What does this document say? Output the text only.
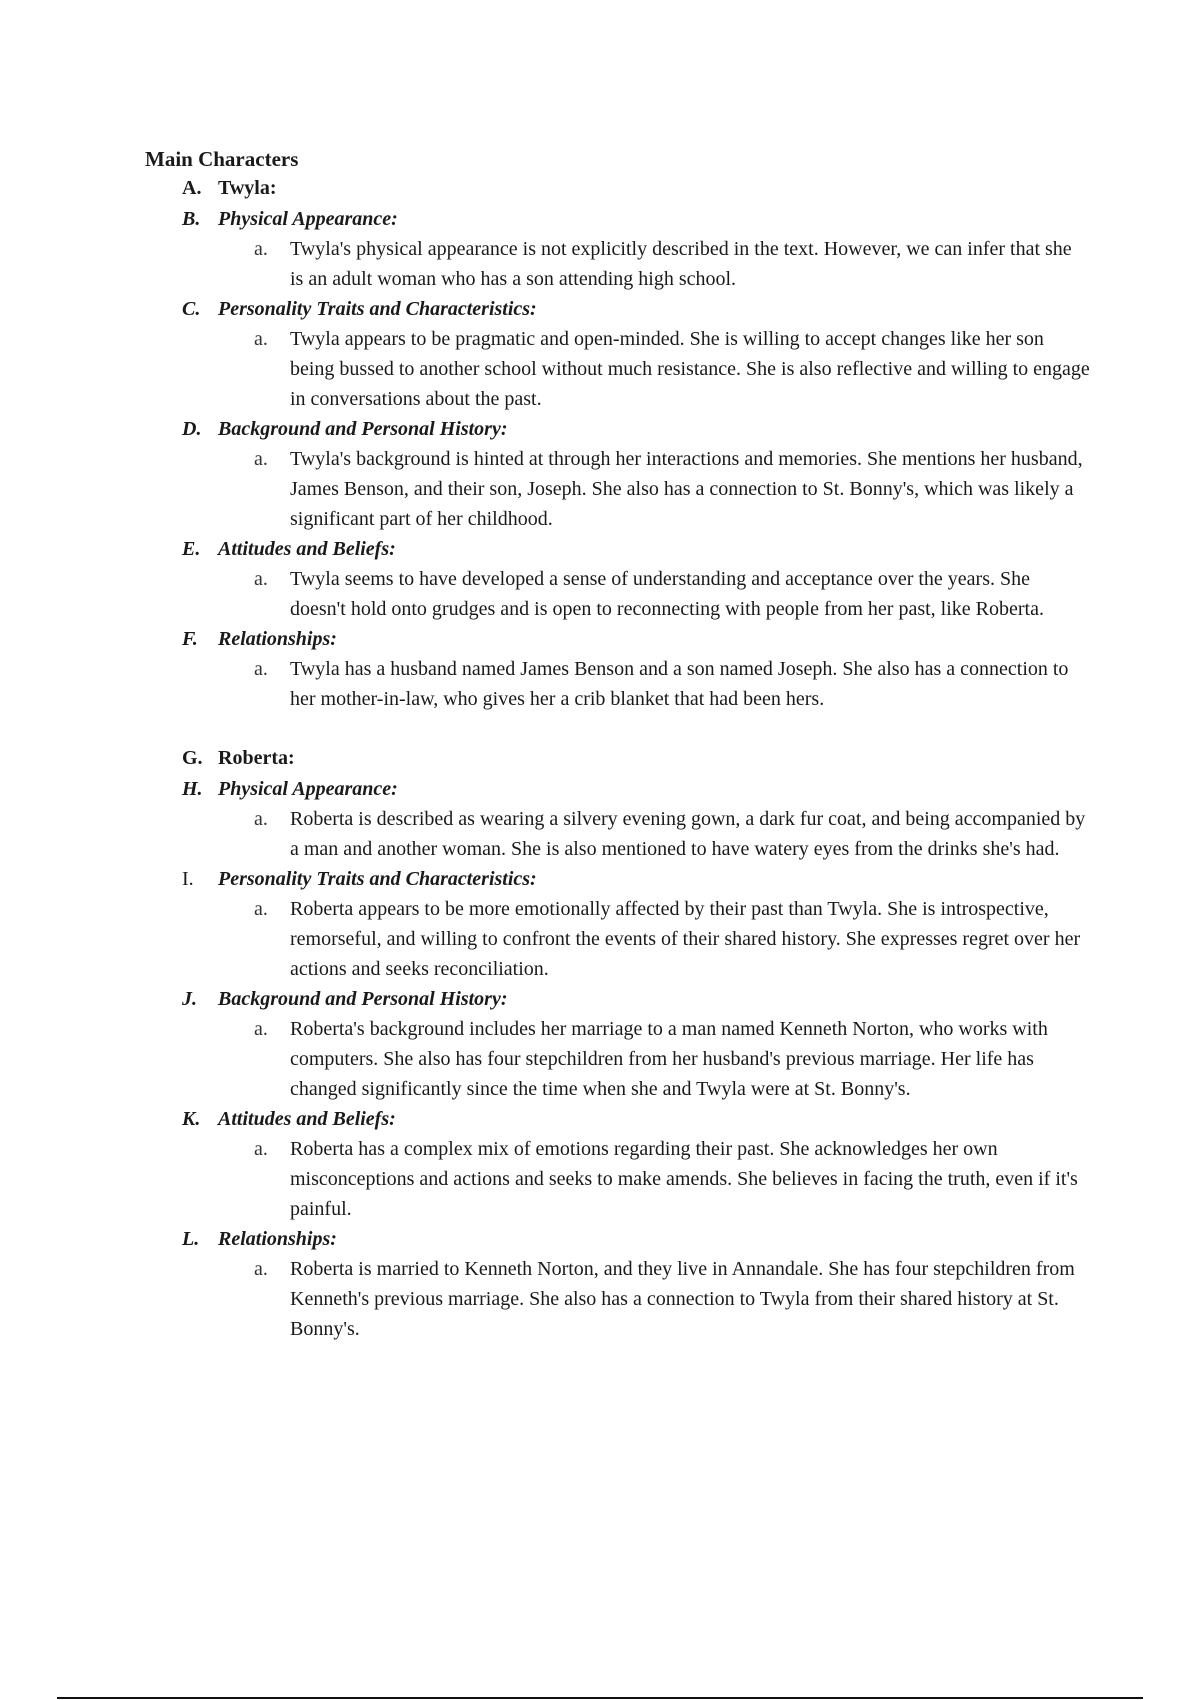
Main Characters
A. Twyla:
B. Physical Appearance:
a. Twyla's physical appearance is not explicitly described in the text. However, we can infer that she is an adult woman who has a son attending high school.
C. Personality Traits and Characteristics:
a. Twyla appears to be pragmatic and open-minded. She is willing to accept changes like her son being bussed to another school without much resistance. She is also reflective and willing to engage in conversations about the past.
D. Background and Personal History:
a. Twyla's background is hinted at through her interactions and memories. She mentions her husband, James Benson, and their son, Joseph. She also has a connection to St. Bonny's, which was likely a significant part of her childhood.
E. Attitudes and Beliefs:
a. Twyla seems to have developed a sense of understanding and acceptance over the years. She doesn't hold onto grudges and is open to reconnecting with people from her past, like Roberta.
F.	Relationships:
a. Twyla has a husband named James Benson and a son named Joseph. She also has a connection to her mother-in-law, who gives her a crib blanket that had been hers.
G. Roberta:
H. Physical Appearance:
a. Roberta is described as wearing a silvery evening gown, a dark fur coat, and being accompanied by a man and another woman. She is also mentioned to have watery eyes from the drinks she's had.
I.	Personality Traits and Characteristics:
a. Roberta appears to be more emotionally affected by their past than Twyla. She is introspective, remorseful, and willing to confront the events of their shared history. She expresses regret over her actions and seeks reconciliation.
J.	Background and Personal History:
a. Roberta's background includes her marriage to a man named Kenneth Norton, who works with computers. She also has four stepchildren from her husband's previous marriage. Her life has changed significantly since the time when she and Twyla were at St. Bonny's.
K. Attitudes and Beliefs:
a. Roberta has a complex mix of emotions regarding their past. She acknowledges her own misconceptions and actions and seeks to make amends. She believes in facing the truth, even if it's painful.
L. Relationships:
a. Roberta is married to Kenneth Norton, and they live in Annandale. She has four stepchildren from Kenneth's previous marriage. She also has a connection to Twyla from their shared history at St. Bonny's.
